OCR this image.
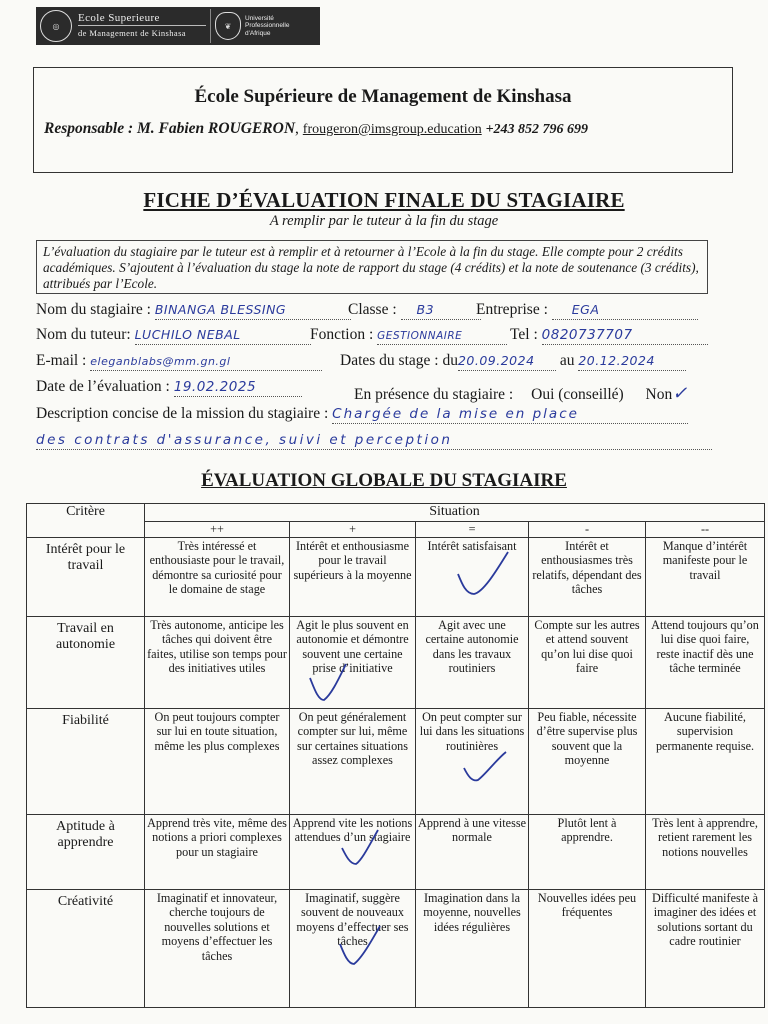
◎
Ecole Superieure
de Management de Kinshasa
❦
Université
Professionnelle
d'Afrique
École Supérieure de Management de Kinshasa
Responsable : M. Fabien ROUGERON, frougeron@imsgroup.education +243 852 796 699
FICHE D’ÉVALUATION FINALE DU STAGIAIRE
A remplir par le tuteur à la fin du stage
L’évaluation du stagiaire par le tuteur est à remplir et à retourner à l’Ecole à la fin du stage. Elle compte pour 2 crédits académiques. S’ajoutent à l’évaluation du stage la note de rapport du stage (4 crédits) et la note de soutenance (3 crédits), attribués par l’Ecole.
Nom du stagiaire : BINANGA BLESSING	Classe : B3	Entreprise : EGA
Nom du tuteur: LUCHILO NEBAL	Fonction : GESTIONNAIRE	Tel : 0820737707
E-mail : eleganblabs@mm.gn.gl	Dates du stage : du20.09.2024 au 20.12.2024
Date de l’évaluation : 19.02.2025	En présence du stagiaire : Oui (conseillé) Non✓
Description concise de la mission du stagiaire : Chargée de la mise en place
des contrats d'assurance, suivi et perception
ÉVALUATION GLOBALE DU STAGIAIRE
Critère	Situation				
	++	+	=	-	--
Intérêt pour le travail	Très intéressé et enthousiaste pour le travail, démontre sa curiosité pour le domaine de stage	Intérêt et enthousiasme pour le travail supérieurs à la moyenne	Intérêt satisfaisant	Intérêt et enthousiasmes très relatifs, dépendant des tâches	Manque d’intérêt manifeste pour le travail
Travail en autonomie	Très autonome, anticipe les tâches qui doivent être faites, utilise son temps pour des initiatives utiles	Agit le plus souvent en autonomie et démontre souvent une certaine prise d’initiative	Agit avec une certaine autonomie dans les travaux routiniers	Compte sur les autres et attend souvent qu’on lui dise quoi faire	Attend toujours qu’on lui dise quoi faire, reste inactif dès une tâche terminée
Fiabilité	On peut toujours compter sur lui en toute situation, même les plus complexes	On peut généralement compter sur lui, même sur certaines situations assez complexes	On peut compter sur lui dans les situations routinières	Peu fiable, nécessite d’être supervise plus souvent que la moyenne	Aucune fiabilité, supervision permanente requise.
Aptitude à apprendre	Apprend très vite, même des notions a priori complexes pour un stagiaire	Apprend vite les notions attendues d’un stagiaire	Apprend à une vitesse normale	Plutôt lent à apprendre.	Très lent à apprendre, retient rarement les notions nouvelles
Créativité	Imaginatif et innovateur, cherche toujours de nouvelles solutions et moyens d’effectuer les tâches	Imaginatif, suggère souvent de nouveaux moyens d’effectuer ses tâches	Imagination dans la moyenne, nouvelles idées régulières	Nouvelles idées peu fréquentes	Difficulté manifeste à imaginer des idées et solutions sortant du cadre routinier
